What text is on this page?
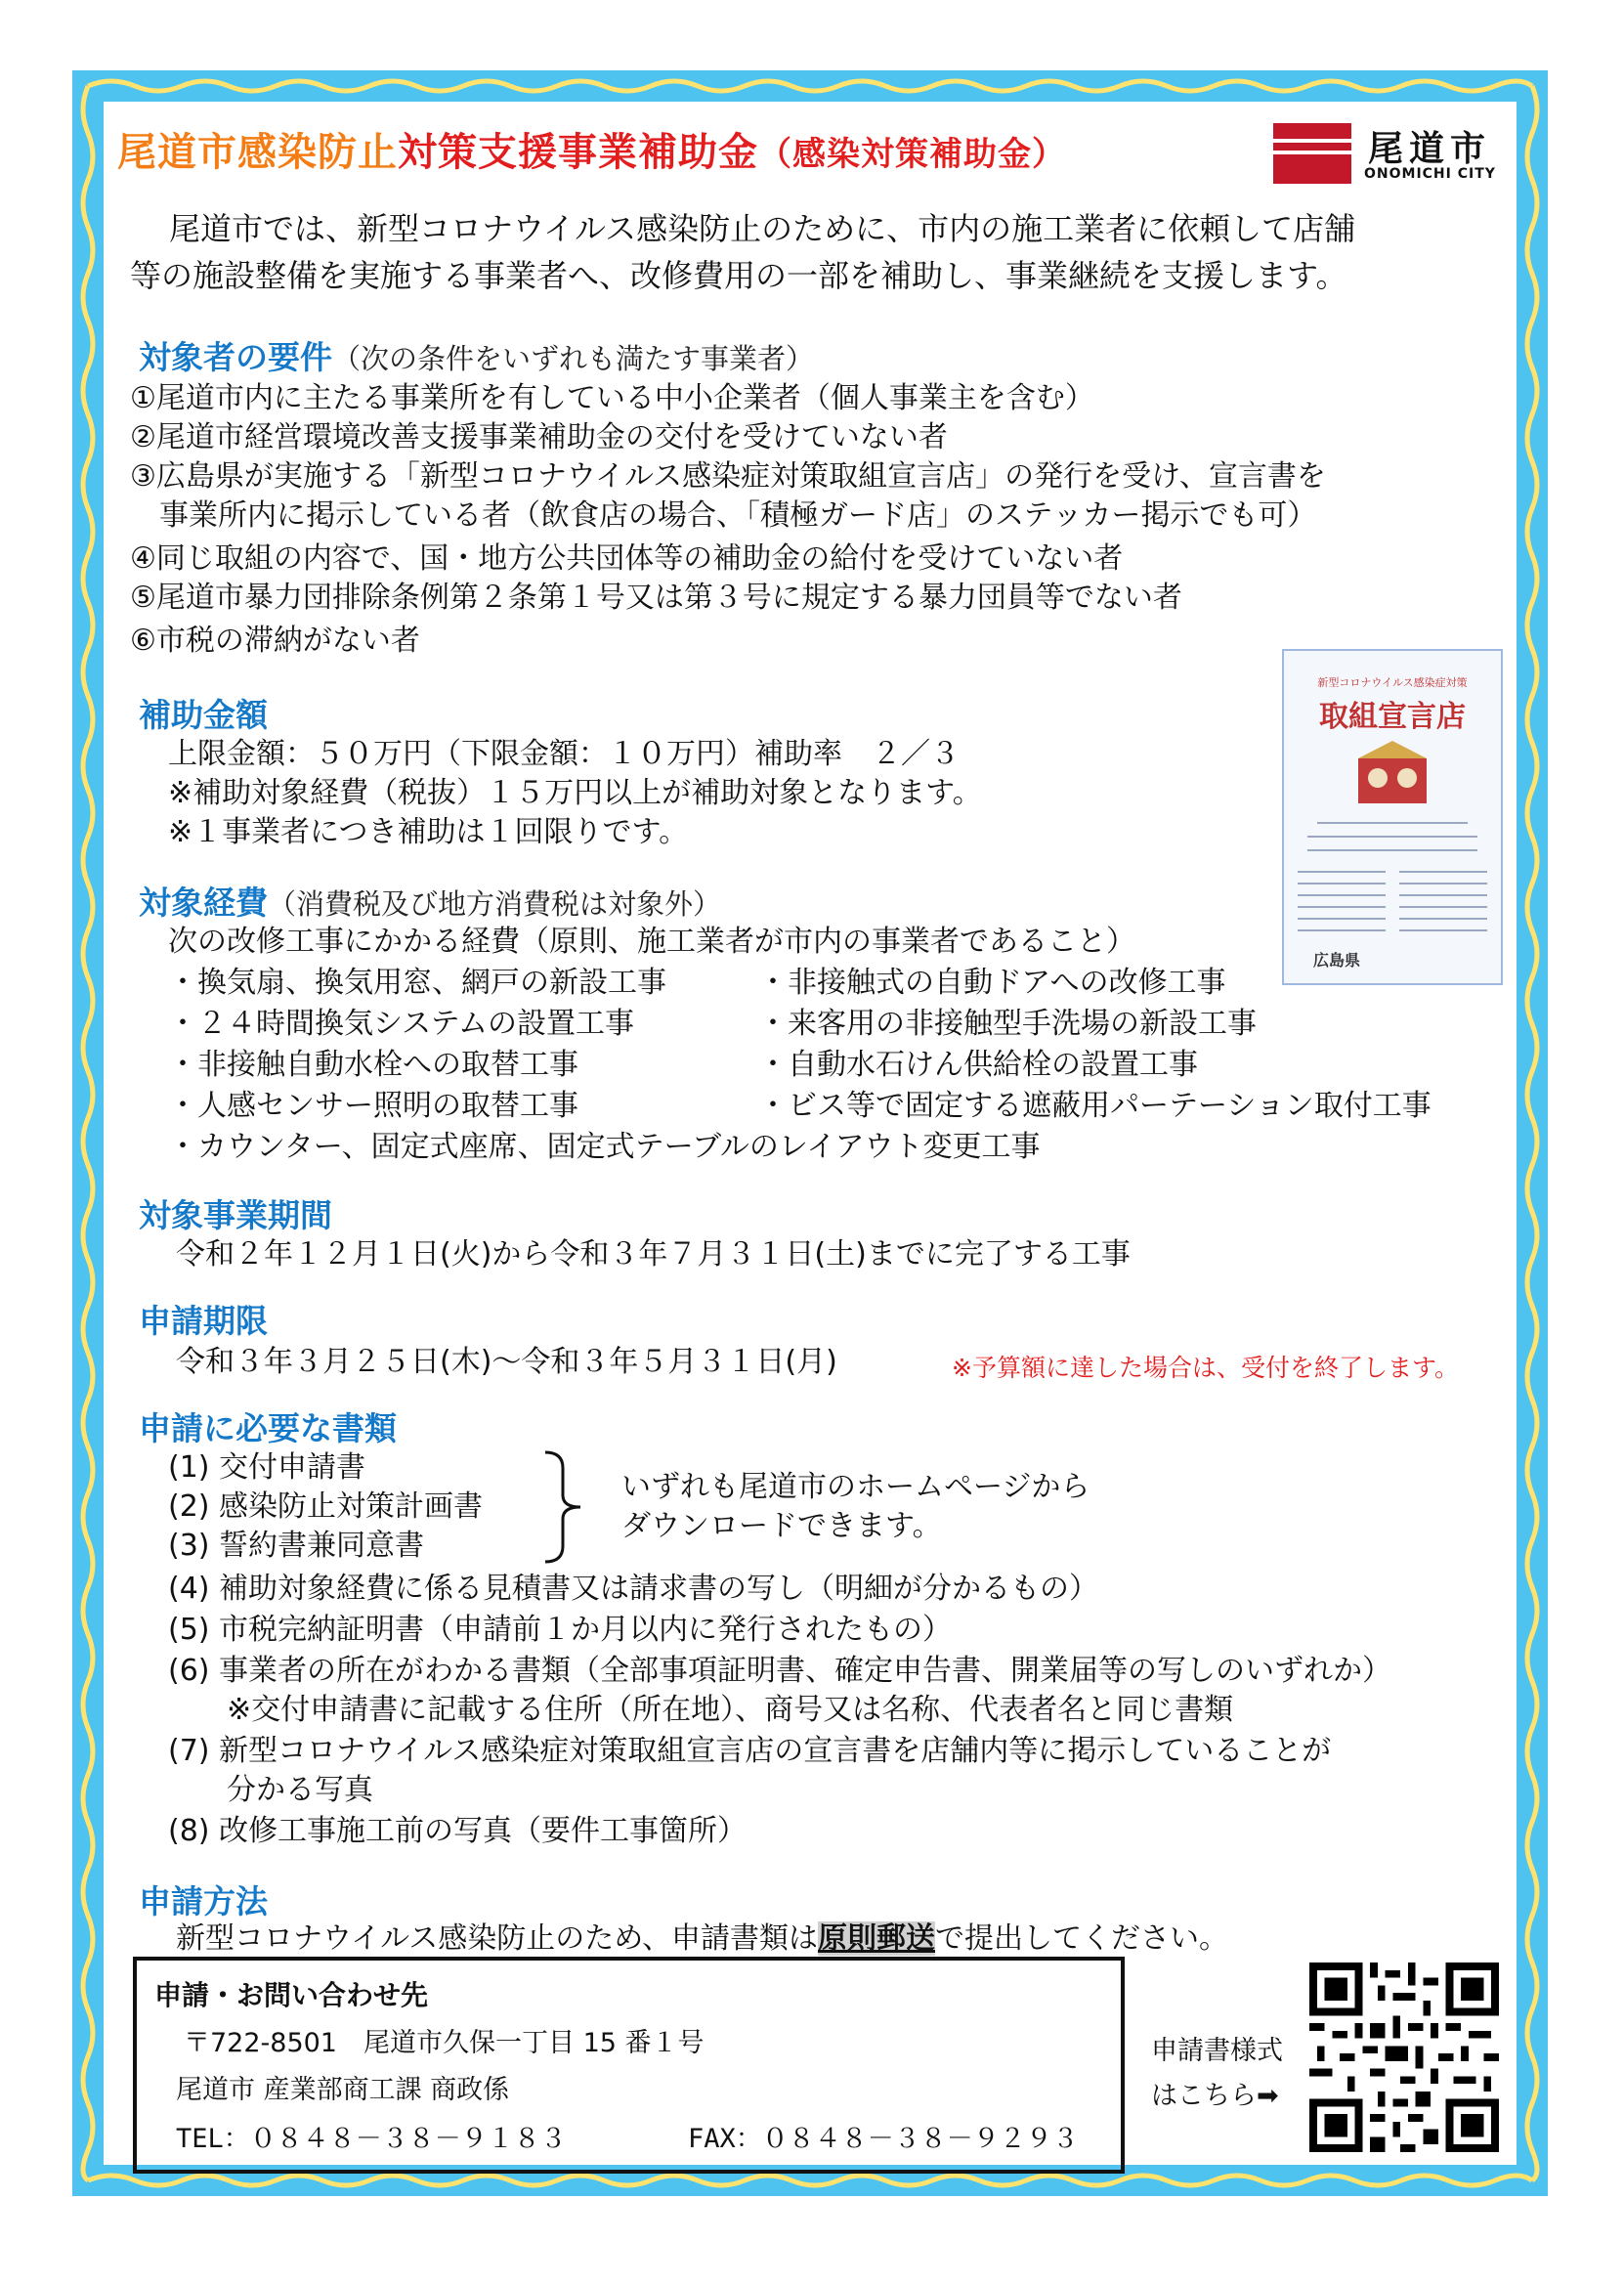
尾道市感染防止対策支援事業補助金（感染対策補助金）	尾道市
ONOMICHI CITY
尾道市では、新型コロナウイルス感染防止のために、市内の施工業者に依頼して店舗
等の施設整備を実施する事業者へ、改修費用の一部を補助し、事業継続を支援します。
対象者の要件（次の条件をいずれも満たす事業者）
①尾道市内に主たる事業所を有している中小企業者（個人事業主を含む）
②尾道市経営環境改善支援事業補助金の交付を受けていない者
③広島県が実施する「新型コロナウイルス感染症対策取組宣言店」の発行を受け、宣言書を
　事業所内に掲示している者（飲食店の場合、「積極ガード店」のステッカー掲示でも可）
④同じ取組の内容で、国・地方公共団体等の補助金の給付を受けていない者
⑤尾道市暴力団排除条例第２条第１号又は第３号に規定する暴力団員等でない者
⑥市税の滞納がない者
補助金額
上限金額：５０万円（下限金額：１０万円）補助率　２／３
※補助対象経費（税抜）１５万円以上が補助対象となります。
※１事業者につき補助は１回限りです。
新型コロナウイルス感染症対策
取組宣言店
広島県
対象経費（消費税及び地方消費税は対象外）
次の改修工事にかかる経費（原則、施工業者が市内の事業者であること）
・換気扇、換気用窓、網戸の新設工事
・２４時間換気システムの設置工事
・非接触自動水栓への取替工事
・人感センサー照明の取替工事
・非接触式の自動ドアへの改修工事
・来客用の非接触型手洗場の新設工事
・自動水石けん供給栓の設置工事
・ビス等で固定する遮蔽用パーテーション取付工事
・カウンター、固定式座席、固定式テーブルのレイアウト変更工事
対象事業期間
令和２年１２月１日(火)から令和３年７月３１日(土)までに完了する工事
申請期限
令和３年３月２５日(木)～令和３年５月３１日(月)	※予算額に達した場合は、受付を終了します。
申請に必要な書類
(1) 交付申請書
(2) 感染防止対策計画書
(3) 誓約書兼同意書
いずれも尾道市のホームページから
ダウンロードできます。
(4) 補助対象経費に係る見積書又は請求書の写し（明細が分かるもの）
(5) 市税完納証明書（申請前１か月以内に発行されたもの）
(6) 事業者の所在がわかる書類（全部事項証明書、確定申告書、開業届等の写しのいずれか）
　　※交付申請書に記載する住所（所在地）、商号又は名称、代表者名と同じ書類
(7) 新型コロナウイルス感染症対策取組宣言店の宣言書を店舗内等に掲示していることが
　　分かる写真
(8) 改修工事施工前の写真（要件工事箇所）
申請方法
新型コロナウイルス感染防止のため、申請書類は原則郵送で提出してください。
申請・お問い合わせ先
〒722-8501　尾道市久保一丁目 15 番１号
尾道市 産業部商工課 商政係
TEL：０８４８－３８－９１８３	FAX：０８４８－３８－９２９３
申請書様式
はこちら➡
